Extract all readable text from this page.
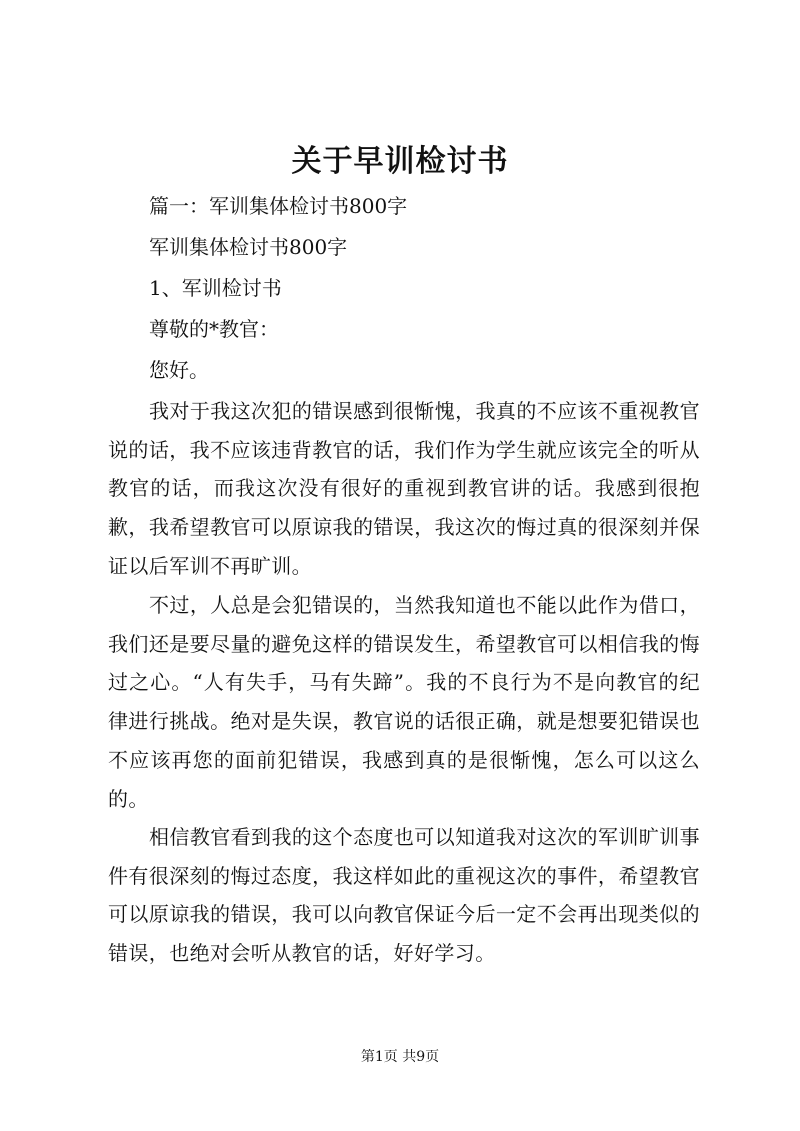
关于早训检讨书
篇一：军训集体检讨书800字
军训集体检讨书800字
1、军训检讨书
尊敬的*教官：
您好。
我对于我这次犯的错误感到很惭愧，我真的不应该不重视教官说的话，我不应该违背教官的话，我们作为学生就应该完全的听从教官的话，而我这次没有很好的重视到教官讲的话。我感到很抱歉，我希望教官可以原谅我的错误，我这次的悔过真的很深刻并保证以后军训不再旷训。
不过，人总是会犯错误的，当然我知道也不能以此作为借口，我们还是要尽量的避免这样的错误发生，希望教官可以相信我的悔过之心。“人有失手，马有失蹄”。我的不良行为不是向教官的纪律进行挑战。绝对是失误，教官说的话很正确，就是想要犯错误也不应该再您的面前犯错误，我感到真的是很惭愧，怎么可以这么的。
相信教官看到我的这个态度也可以知道我对这次的军训旷训事件有很深刻的悔过态度，我这样如此的重视这次的事件，希望教官可以原谅我的错误，我可以向教官保证今后一定不会再出现类似的错误，也绝对会听从教官的话，好好学习。
第1页 共9页
